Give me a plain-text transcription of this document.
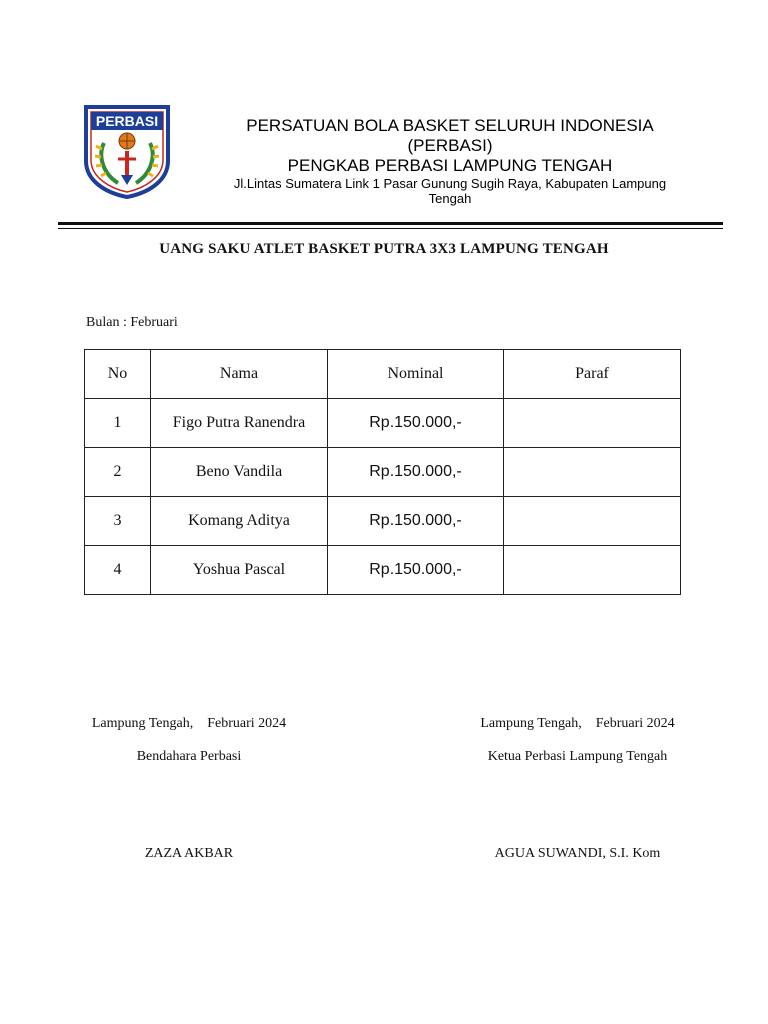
PERBASI	PERSATUAN BOLA BASKET SELURUH INDONESIA
(PERBASI)
PENGKAB PERBASI LAMPUNG TENGAH
Jl.Lintas Sumatera Link 1 Pasar Gunung Sugih Raya, Kabupaten Lampung
Tengah
UANG SAKU ATLET BASKET PUTRA 3X3 LAMPUNG TENGAH
Bulan : Februari
No	Nama	Nominal	Paraf
1	Figo Putra Ranendra	Rp.150.000,-	
2	Beno Vandila	Rp.150.000,-	
3	Komang Aditya	Rp.150.000,-	
4	Yoshua Pascal	Rp.150.000,-	
Lampung Tengah,    Februari 2024
Bendahara Perbasi
ZAZA AKBAR
Lampung Tengah,    Februari 2024
Ketua Perbasi Lampung Tengah
AGUA SUWANDI, S.I. Kom
